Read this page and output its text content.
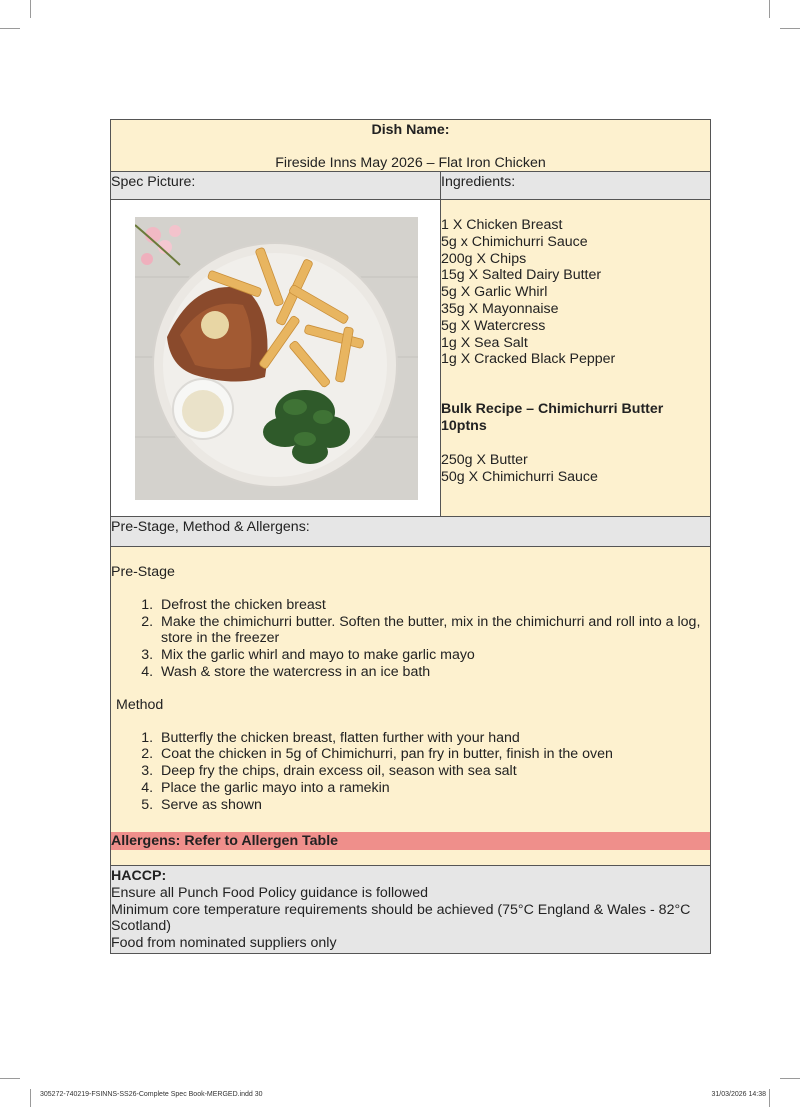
Dish Name:
Fireside Inns May 2026 – Flat Iron Chicken
Spec Picture:	Ingredients:
1 X Chicken Breast
5g x Chimichurri Sauce
200g X Chips
15g X Salted Dairy Butter
5g X Garlic Whirl
35g X Mayonnaise
5g X Watercress
1g X Sea Salt
1g X Cracked Black Pepper
Bulk Recipe – Chimichurri Butter 10ptns
250g X Butter
50g X Chimichurri Sauce
Pre-Stage, Method & Allergens:
Pre-Stage
1. Defrost the chicken breast
2. Make the chimichurri butter. Soften the butter, mix in the chimichurri and roll into a log, store in the freezer
3. Mix the garlic whirl and mayo to make garlic mayo
4. Wash & store the watercress in an ice bath
Method
1. Butterfly the chicken breast, flatten further with your hand
2. Coat the chicken in 5g of Chimichurri, pan fry in butter, finish in the oven
3. Deep fry the chips, drain excess oil, season with sea salt
4. Place the garlic mayo into a ramekin
5. Serve as shown
Allergens: Refer to Allergen Table
HACCP:
Ensure all Punch Food Policy guidance is followed
Minimum core temperature requirements should be achieved (75°C England & Wales - 82°C Scotland)
Food from nominated suppliers only
305272-740219-FSINNS-SS26-Complete Spec Book-MERGED.indd 30	31/03/2026 14:38
